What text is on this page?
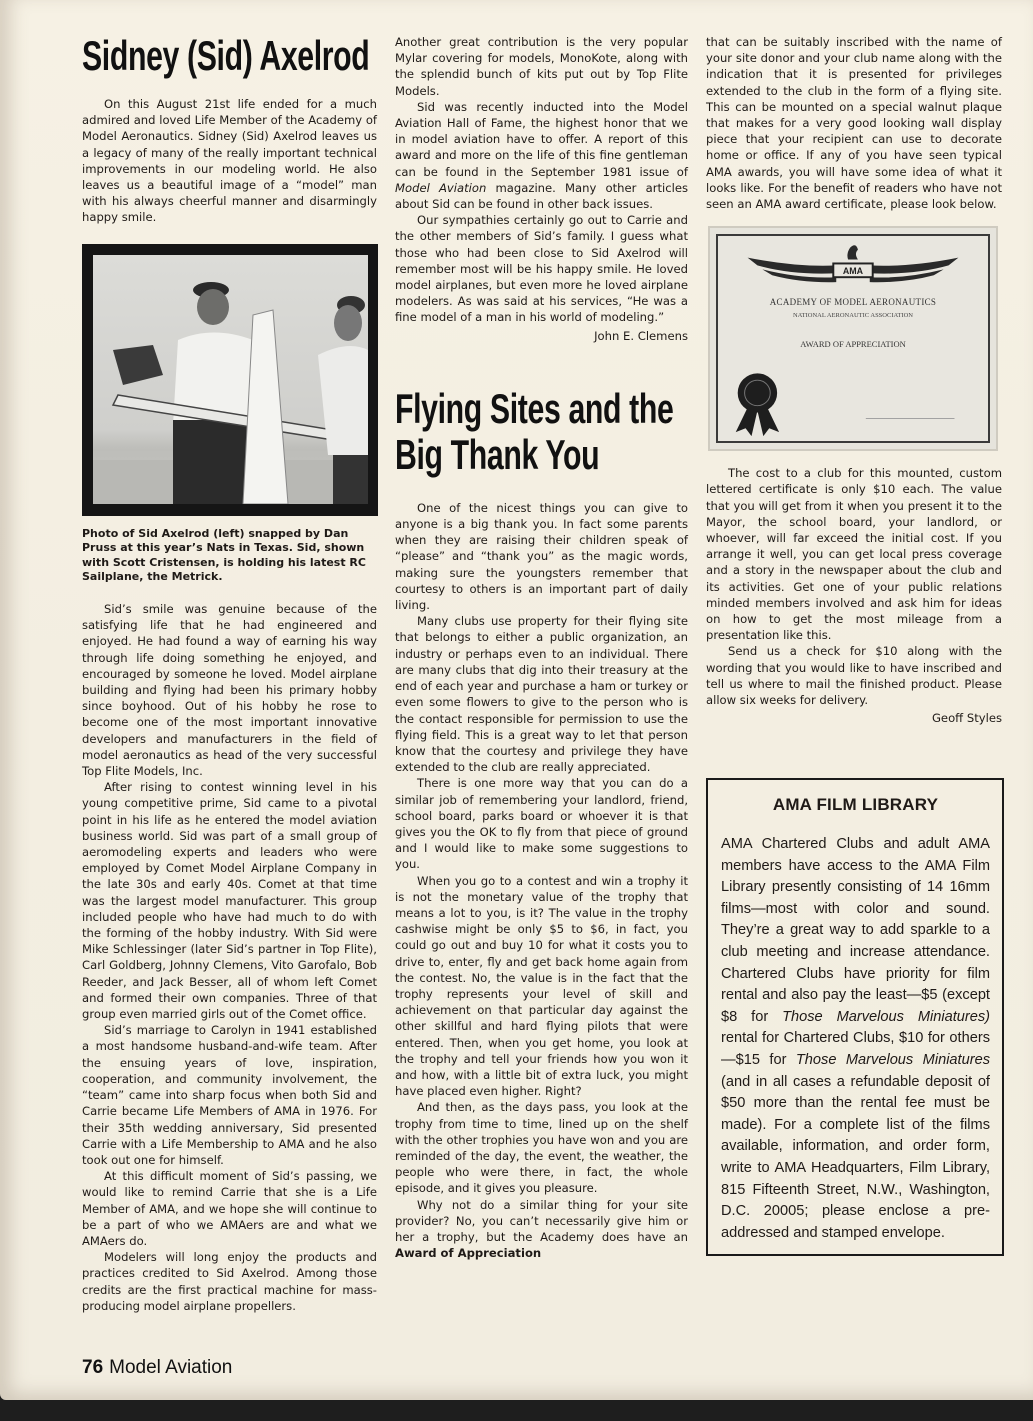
Sidney (Sid) Axelrod

On this August 21st life ended for a much admired and loved Life Member of the Academy of Model Aeronautics. Sidney (Sid) Axelrod leaves us a legacy of many of the really important technical improvements in our modeling world. He also leaves us a beautiful image of a “model” man with his always cheerful manner and disarmingly happy smile.

Photo of Sid Axelrod (left) snapped by Dan Pruss at this year’s Nats in Texas. Sid, shown with Scott Cristensen, is holding his latest RC Sailplane, the Metrick.

Sid’s smile was genuine because of the satisfying life that he had engineered and enjoyed. He had found a way of earning his way through life doing something he enjoyed, and encouraged by someone he loved. Model airplane building and flying had been his primary hobby since boyhood. Out of his hobby he rose to become one of the most important innovative developers and manufacturers in the field of model aeronautics as head of the very successful Top Flite Models, Inc.

After rising to contest winning level in his young competitive prime, Sid came to a pivotal point in his life as he entered the model aviation business world. Sid was part of a small group of aeromodeling experts and leaders who were employed by Comet Model Airplane Company in the late 30s and early 40s. Comet at that time was the largest model manufacturer. This group included people who have had much to do with the forming of the hobby industry. With Sid were Mike Schlessinger (later Sid’s partner in Top Flite), Carl Goldberg, Johnny Clemens, Vito Garofalo, Bob Reeder, and Jack Besser, all of whom left Comet and formed their own companies. Three of that group even married girls out of the Comet office.

Sid’s marriage to Carolyn in 1941 established a most handsome husband-and-wife team. After the ensuing years of love, inspiration, cooperation, and community involvement, the “team” came into sharp focus when both Sid and Carrie became Life Members of AMA in 1976. For their 35th wedding anniversary, Sid presented Carrie with a Life Membership to AMA and he also took out one for himself.

At this difficult moment of Sid’s passing, we would like to remind Carrie that she is a Life Member of AMA, and we hope she will continue to be a part of who we AMAers are and what we AMAers do.

Modelers will long enjoy the products and practices credited to Sid Axelrod. Among those credits are the first practical machine for mass-producing model airplane propellers.

Another great contribution is the very popular Mylar covering for models, MonoKote, along with the splendid bunch of kits put out by Top Flite Models.

Sid was recently inducted into the Model Aviation Hall of Fame, the highest honor that we in model aviation have to offer. A report of this award and more on the life of this fine gentleman can be found in the September 1981 issue of Model Aviation magazine. Many other articles about Sid can be found in other back issues.

Our sympathies certainly go out to Carrie and the other members of Sid’s family. I guess what those who had been close to Sid Axelrod will remember most will be his happy smile. He loved model airplanes, but even more he loved airplane modelers. As was said at his services, “He was a fine model of a man in his world of modeling.”

John E. Clemens
Flying Sites and the
Big Thank You

One of the nicest things you can give to anyone is a big thank you. In fact some parents when they are raising their children speak of “please” and “thank you” as the magic words, making sure the youngsters remember that courtesy to others is an important part of daily living.

Many clubs use property for their flying site that belongs to either a public organization, an industry or perhaps even to an individual. There are many clubs that dig into their treasury at the end of each year and purchase a ham or turkey or even some flowers to give to the person who is the contact responsible for permission to use the flying field. This is a great way to let that person know that the courtesy and privilege they have extended to the club are really appreciated.

There is one more way that you can do a similar job of remembering your landlord, friend, school board, parks board or whoever it is that gives you the OK to fly from that piece of ground and I would like to make some suggestions to you.

When you go to a contest and win a trophy it is not the monetary value of the trophy that means a lot to you, is it? The value in the trophy cashwise might be only $5 to $6, in fact, you could go out and buy 10 for what it costs you to drive to, enter, fly and get back home again from the contest. No, the value is in the fact that the trophy represents your level of skill and achievement on that particular day against the other skillful and hard flying pilots that were entered. Then, when you get home, you look at the trophy and tell your friends how you won it and how, with a little bit of extra luck, you might have placed even higher. Right?

And then, as the days pass, you look at the trophy from time to time, lined up on the shelf with the other trophies you have won and you are reminded of the day, the event, the weather, the people who were there, in fact, the whole episode, and it gives you pleasure.

Why not do a similar thing for your site provider? No, you can’t necessarily give him or her a trophy, but the Academy does have an Award of Appreciation

that can be suitably inscribed with the name of your site donor and your club name along with the indication that it is presented for privileges extended to the club in the form of a flying site. This can be mounted on a special walnut plaque that makes for a very good looking wall display piece that your recipient can use to decorate home or office. If any of you have seen typical AMA awards, you will have some idea of what it looks like. For the benefit of readers who have not seen an AMA award certificate, please look below.

AMA
ACADEMY OF MODEL AERONAUTICS
NATIONAL AERONAUTIC ASSOCIATION
AWARD OF APPRECIATION

The cost to a club for this mounted, custom lettered certificate is only $10 each. The value that you will get from it when you present it to the Mayor, the school board, your landlord, or whoever, will far exceed the initial cost. If you arrange it well, you can get local press coverage and a story in the newspaper about the club and its activities. Get one of your public relations minded members involved and ask him for ideas on how to get the most mileage from a presentation like this.

Send us a check for $10 along with the wording that you would like to have inscribed and tell us where to mail the finished product. Please allow six weeks for delivery.

Geoff Styles
AMA FILM LIBRARY

AMA Chartered Clubs and adult AMA members have access to the AMA Film Library presently consisting of 14 16mm films—most with color and sound. They’re a great way to add sparkle to a club meeting and increase attendance. Chartered Clubs have priority for film rental and also pay the least—$5 (except $8 for Those Marvelous Miniatures) rental for Chartered Clubs, $10 for others—$15 for Those Marvelous Miniatures (and in all cases a refundable deposit of $50 more than the rental fee must be made). For a complete list of the films available, information, and order form, write to AMA Headquarters, Film Library, 815 Fifteenth Street, N.W., Washington, D.C. 20005; please enclose a pre-addressed and stamped envelope.

76 Model Aviation
